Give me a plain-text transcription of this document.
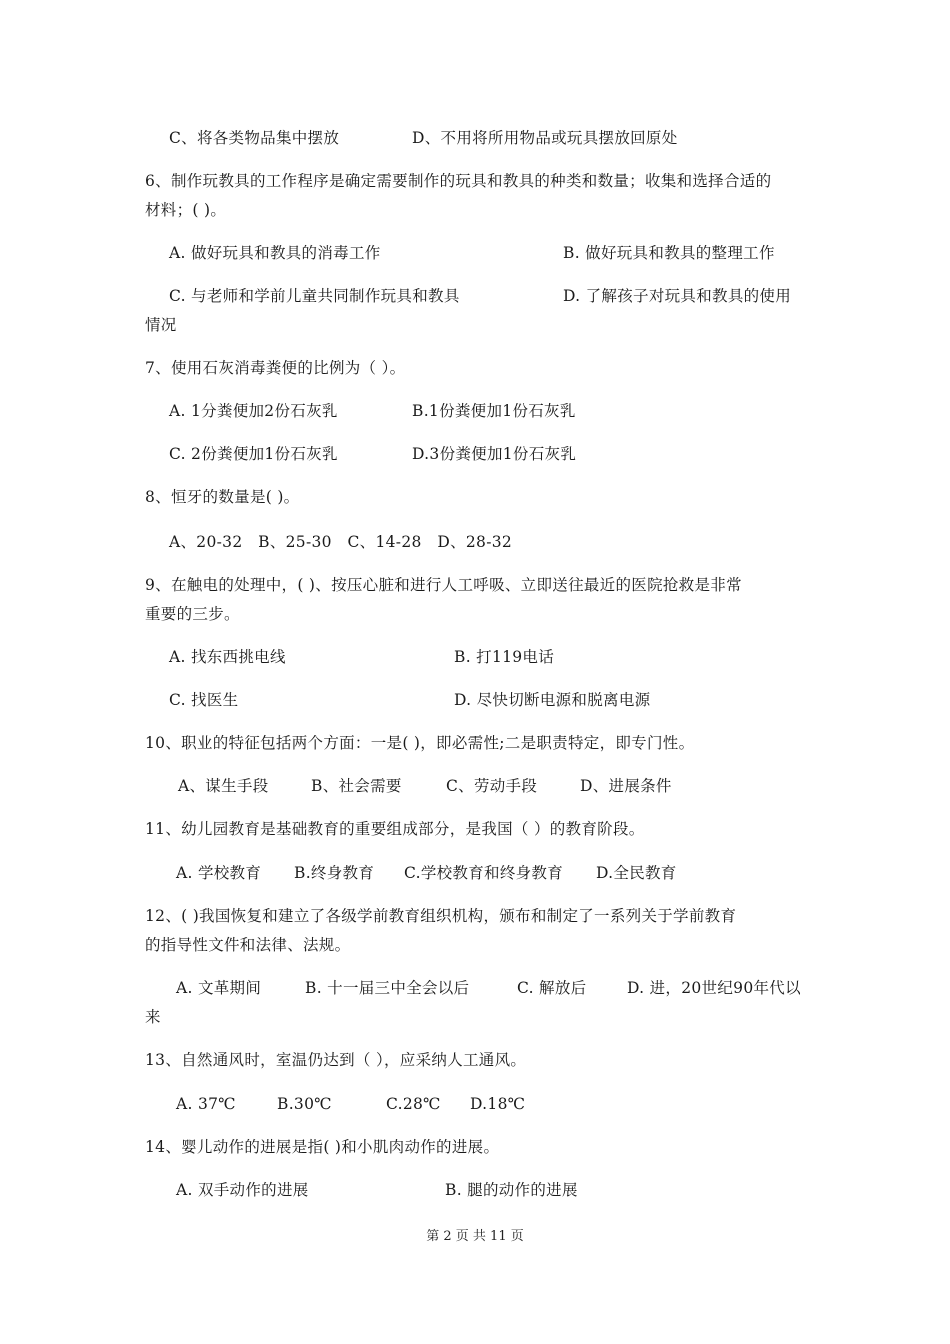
C、将各类物品集中摆放	D、不用将所用物品或玩具摆放回原处
6、制作玩教具的工作程序是确定需要制作的玩具和教具的种类和数量；收集和选择合适的
材料；( )。
A. 做好玩具和教具的消毒工作	B. 做好玩具和教具的整理工作
C. 与老师和学前儿童共同制作玩具和教具	D. 了解孩子对玩具和教具的使用
情况
7、使用石灰消毒粪便的比例为（ ）。
A. 1分粪便加2份石灰乳	B.1份粪便加1份石灰乳
C. 2份粪便加1份石灰乳	D.3份粪便加1份石灰乳
8、恒牙的数量是( )。
A、20-32   B、25-30   C、14-28   D、28-32
9、在触电的处理中，( )、按压心脏和进行人工呼吸、立即送往最近的医院抢救是非常
重要的三步。
A. 找东西挑电线	B. 打119电话
C. 找医生	D. 尽快切断电源和脱离电源
10、职业的特征包括两个方面：一是( )，即必需性;二是职责特定，即专门性。
A、谋生手段	B、社会需要	C、劳动手段	D、进展条件
11、幼儿园教育是基础教育的重要组成部分，是我国（ ）的教育阶段。
A. 学校教育 B.终身教育 C.学校教育和终身教育 D.全民教育
12、( )我国恢复和建立了各级学前教育组织机构，颁布和制定了一系列关于学前教育
的指导性文件和法律、法规。
A. 文革期间	B. 十一届三中全会以后	C. 解放后	D. 进，20世纪90年代以
来
13、自然通风时，室温仍达到（ ），应采纳人工通风。
A. 37℃	B.30℃	C.28℃ D.18℃
14、婴儿动作的进展是指( )和小肌肉动作的进展。
A. 双手动作的进展	B. 腿的动作的进展
第 2 页 共 11 页
